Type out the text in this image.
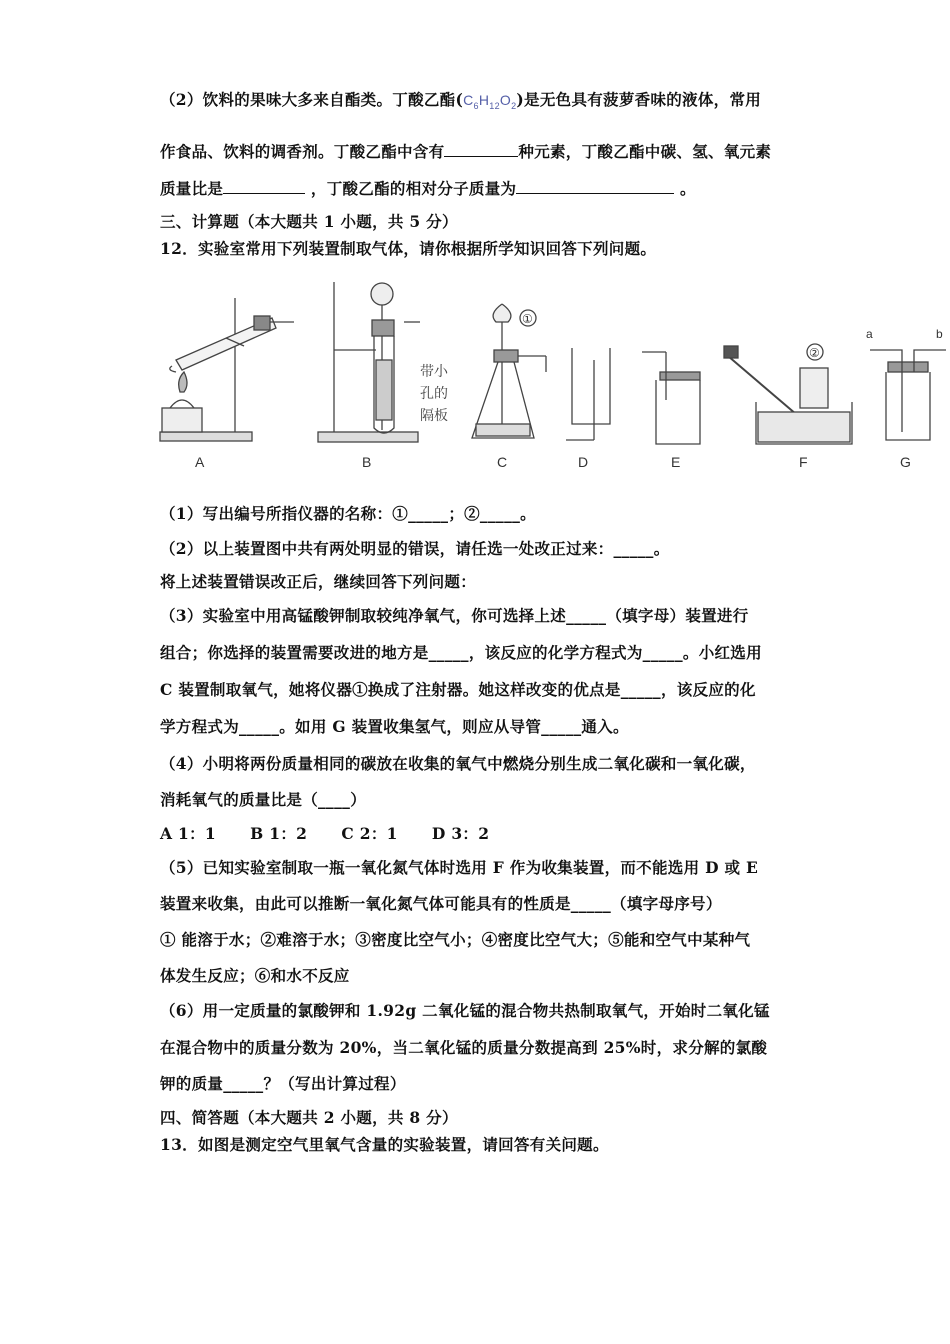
（2）饮料的果味大多来自酯类。丁酸乙酯$(C_6H_{12}O_2)$是无色具有菠萝香味的液体，常用
作食品、饮料的调香剂。丁酸乙酯中含有	种元素，丁酸乙酯中碳、氢、氧元素
质量比是	，丁酸乙酯的相对分子质量为	。
三、计算题（本大题共 1 小题，共 5 分）
12．实验室常用下列装置制取气体，请你根据所学知识回答下列问题。
带小
孔的
隔板
①
②
a	b
A	B	C	D	E	F	G
（1）写出编号所指仪器的名称：①_____；②_____。
（2）以上装置图中共有两处明显的错误，请任选一处改正过来：_____。
将上述装置错误改正后，继续回答下列问题：
（3）实验室中用高锰酸钾制取较纯净氧气，你可选择上述_____（填字母）装置进行
组合；你选择的装置需要改进的地方是_____，该反应的化学方程式为_____。小红选用
C 装置制取氧气，她将仪器①换成了注射器。她这样改变的优点是_____，该反应的化
学方程式为_____。如用 G 装置收集氢气，则应从导管_____通入。
（4）小明将两份质量相同的碳放在收集的氧气中燃烧分别生成二氧化碳和一氧化碳，
消耗氧气的质量比是（____）
A 1：1      B 1：2      C 2：1      D 3：2
（5）已知实验室制取一瓶一氧化氮气体时选用 F 作为收集装置，而不能选用 D 或 E
装置来收集，由此可以推断一氧化氮气体可能具有的性质是_____（填字母序号）
① 能溶于水；②难溶于水；③密度比空气小；④密度比空气大；⑤能和空气中某种气
体发生反应；⑥和水不反应
（6）用一定质量的氯酸钾和 1.92g 二氧化锰的混合物共热制取氧气，开始时二氧化锰
在混合物中的质量分数为 20%，当二氧化锰的质量分数提高到 25%时，求分解的氯酸
钾的质量_____？（写出计算过程）
四、简答题（本大题共 2 小题，共 8 分）
13．如图是测定空气里氧气含量的实验装置，请回答有关问题。
